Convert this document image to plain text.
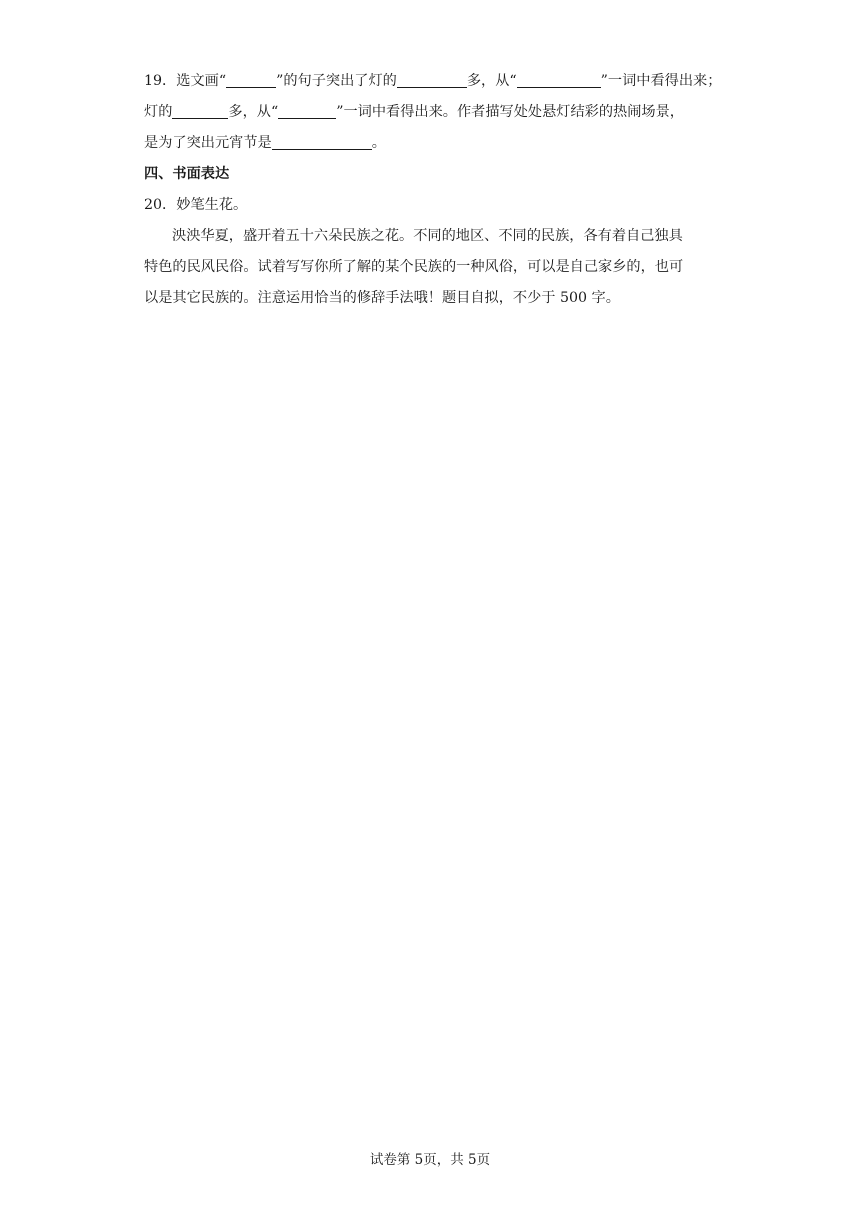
19．选文画“	”的句子突出了灯的	多，从“	”一词中看得出来；
灯的	多，从“	”一词中看得出来。作者描写处处悬灯结彩的热闹场景，
是为了突出元宵节是	。
四、书面表达
20．妙笔生花。
泱泱华夏，盛开着五十六朵民族之花。不同的地区、不同的民族，各有着自己独具
特色的民风民俗。试着写写你所了解的某个民族的一种风俗，可以是自己家乡的，也可
以是其它民族的。注意运用恰当的修辞手法哦！题目自拟，不少于 500 字。
试卷第 5页，共 5页
